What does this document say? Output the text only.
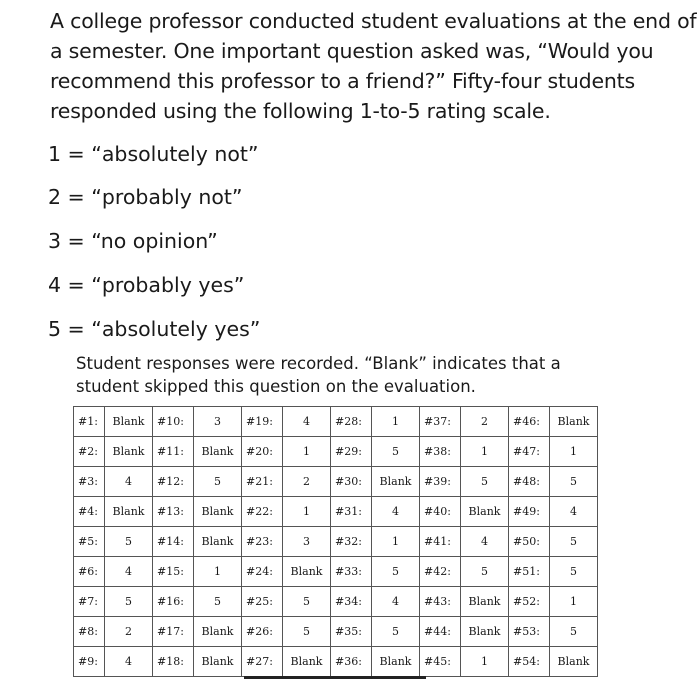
A college professor conducted student evaluations at the end of
a semester. One important question asked was, “Would you
recommend this professor to a friend?” Fifty-four students
responded using the following 1-to-5 rating scale.
1 = “absolutely not”
2 = “probably not”
3 = “no opinion”
4 = “probably yes”
5 = “absolutely yes”
Student responses were recorded. “Blank” indicates that a
student skipped this question on the evaluation.
#1:	Blank	#10:	3	#19:	4	#28:	1	#37:	2	#46:	Blank
#2:	Blank	#11:	Blank	#20:	1	#29:	5	#38:	1	#47:	1
#3:	4	#12:	5	#21:	2	#30:	Blank	#39:	5	#48:	5
#4:	Blank	#13:	Blank	#22:	1	#31:	4	#40:	Blank	#49:	4
#5:	5	#14:	Blank	#23:	3	#32:	1	#41:	4	#50:	5
#6:	4	#15:	1	#24:	Blank	#33:	5	#42:	5	#51:	5
#7:	5	#16:	5	#25:	5	#34:	4	#43:	Blank	#52:	1
#8:	2	#17:	Blank	#26:	5	#35:	5	#44:	Blank	#53:	5
#9:	4	#18:	Blank	#27:	Blank	#36:	Blank	#45:	1	#54:	Blank
